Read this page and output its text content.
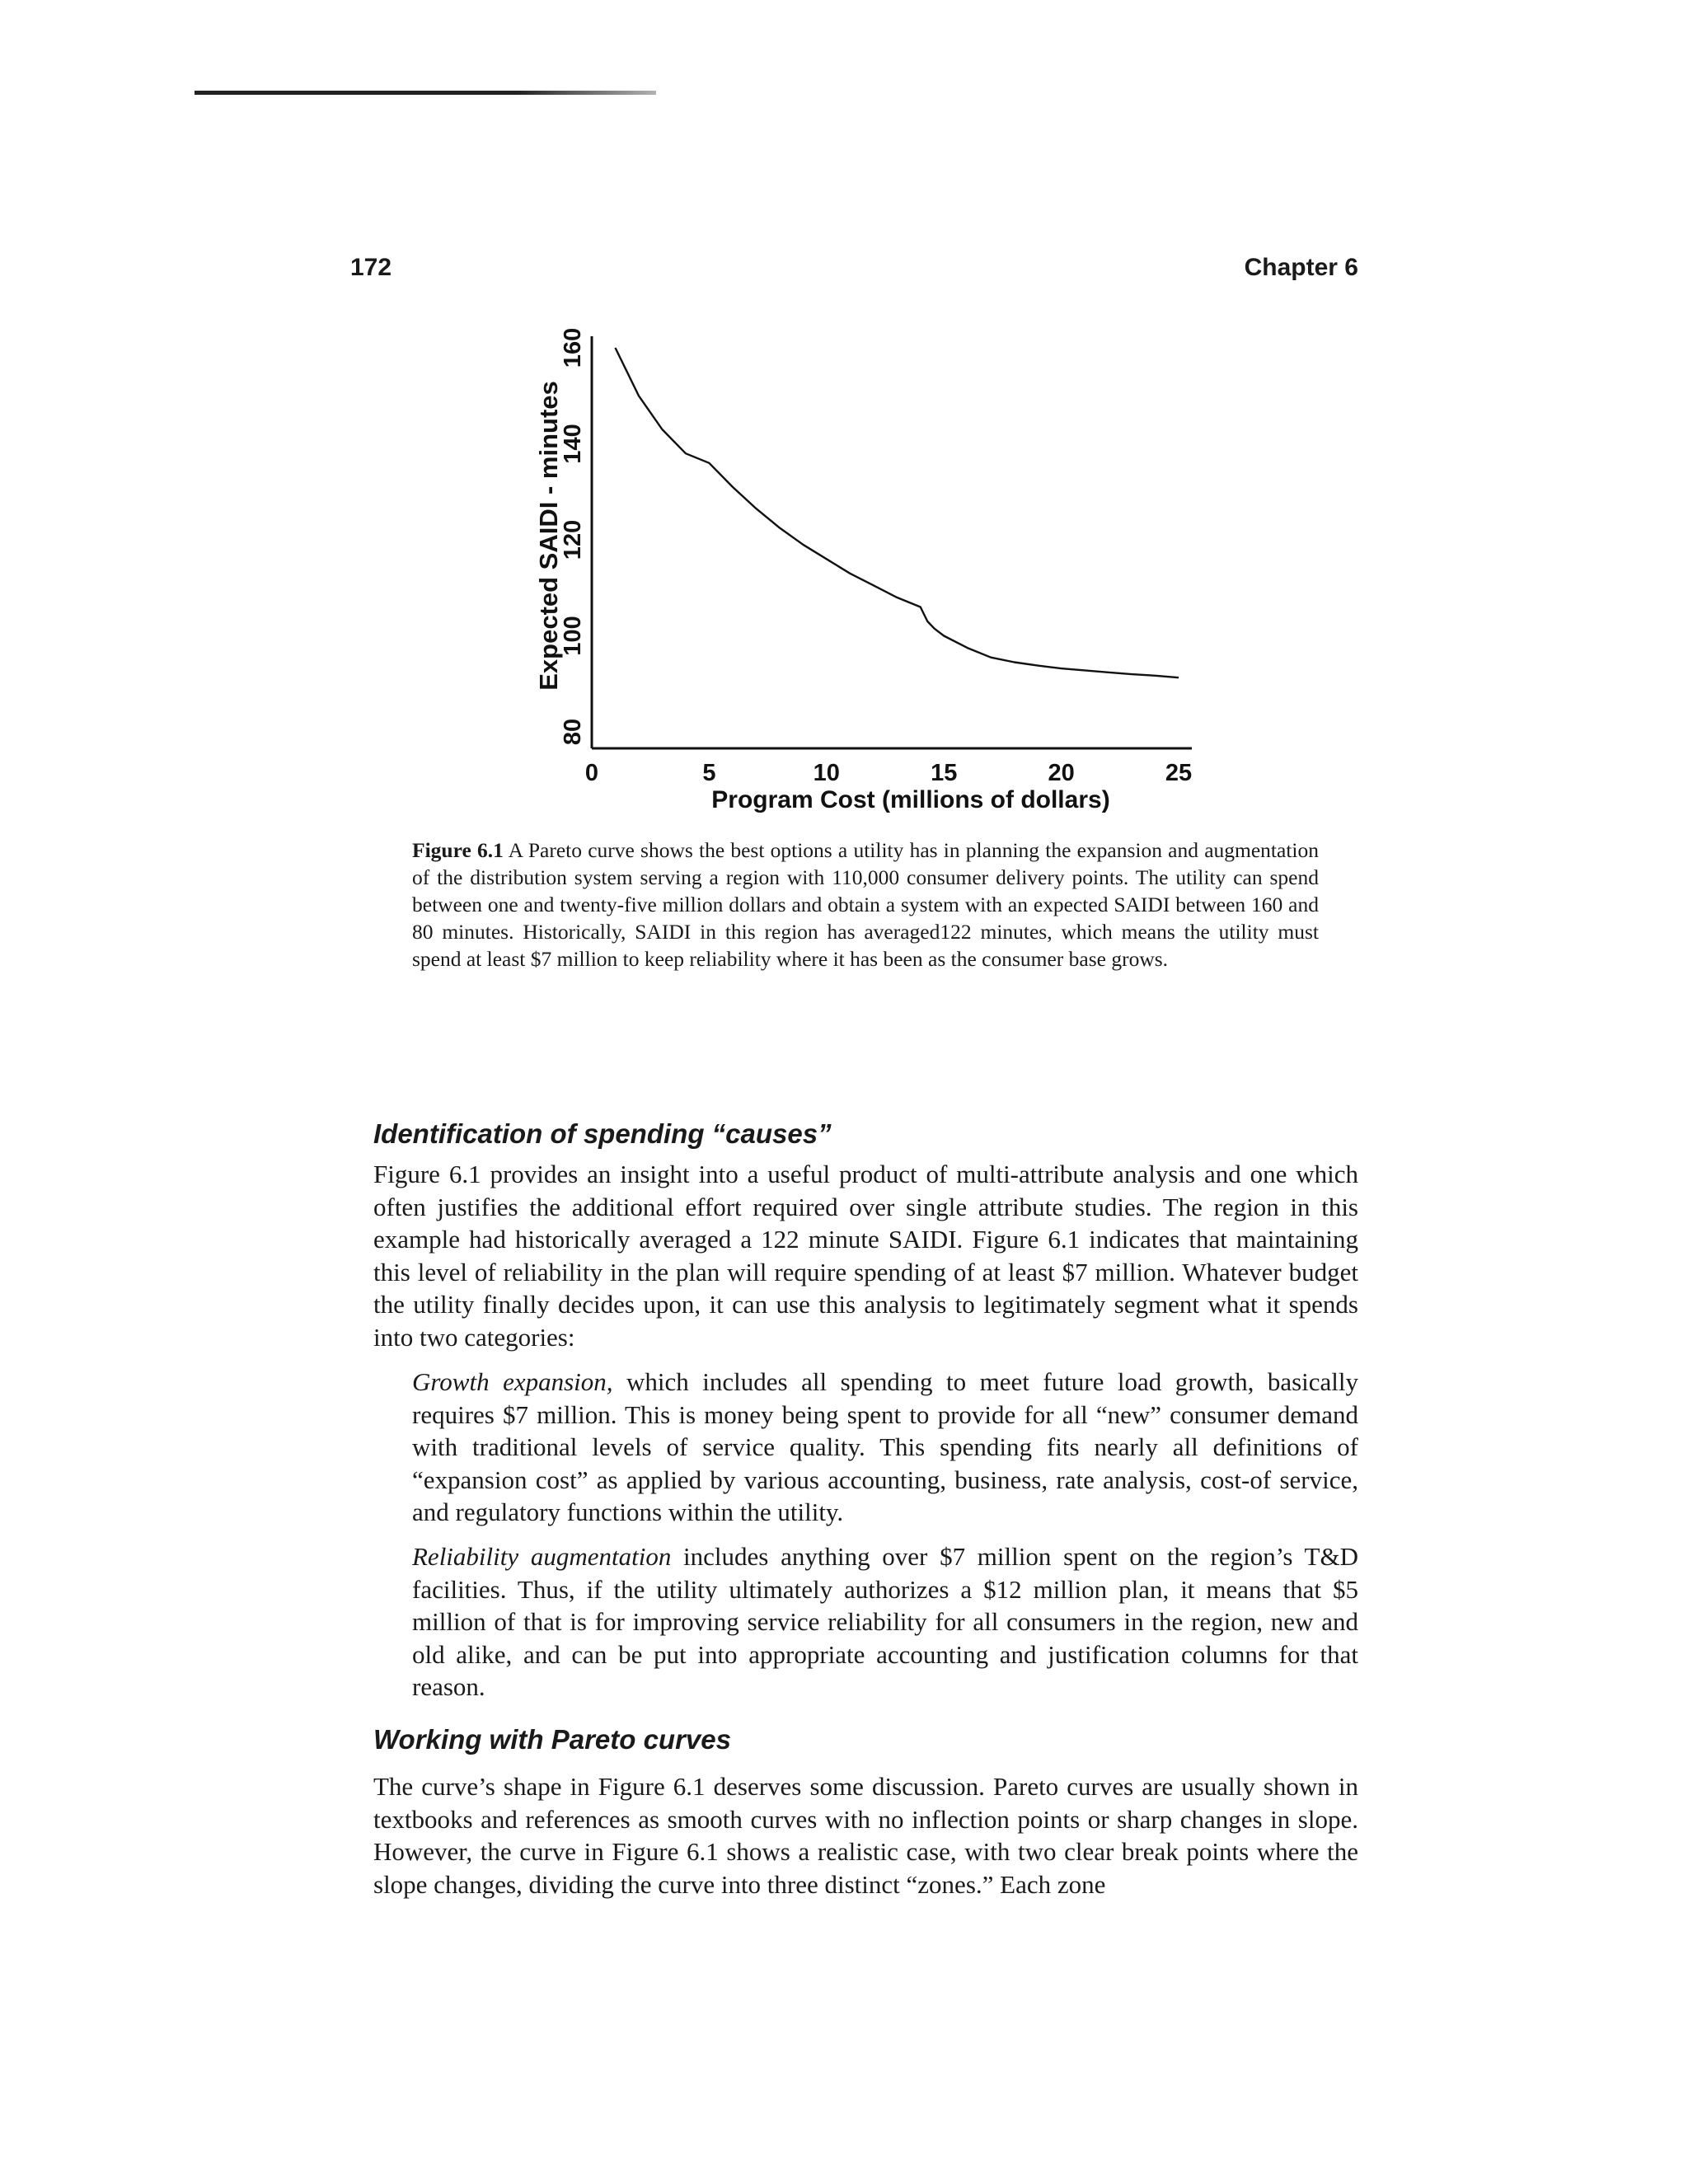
172	Chapter 6
0	5	10	15	20	25
80
100
120
140
160
Program Cost (millions of dollars)
Expected SAIDI - minutes
Figure 6.1 A Pareto curve shows the best options a utility has in planning the expansion and augmentation of the distribution system serving a region with 110,000 consumer delivery points. The utility can spend between one and twenty-five million dollars and obtain a system with an expected SAIDI between 160 and 80 minutes. Historically, SAIDI in this region has averaged122 minutes, which means the utility must spend at least $7 million to keep reliability where it has been as the consumer base grows.
Identification of spending “causes”

Figure 6.1 provides an insight into a useful product of multi-attribute analysis and one which often justifies the additional effort required over single attribute studies. The region in this example had historically averaged a 122 minute SAIDI. Figure 6.1 indicates that maintaining this level of reliability in the plan will require spending of at least $7 million. Whatever budget the utility finally decides upon, it can use this analysis to legitimately segment what it spends into two categories:

Growth expansion, which includes all spending to meet future load growth, basically requires $7 million. This is money being spent to provide for all “new” consumer demand with traditional levels of service quality. This spending fits nearly all definitions of “expansion cost” as applied by various accounting, business, rate analysis, cost-of service, and regulatory functions within the utility.

Reliability augmentation includes anything over $7 million spent on the region’s T&D facilities. Thus, if the utility ultimately authorizes a $12 million plan, it means that $5 million of that is for improving service reliability for all consumers in the region, new and old alike, and can be put into appropriate accounting and justification columns for that reason.

Working with Pareto curves

The curve’s shape in Figure 6.1 deserves some discussion. Pareto curves are usually shown in textbooks and references as smooth curves with no inflection points or sharp changes in slope. However, the curve in Figure 6.1 shows a realistic case, with two clear break points where the slope changes, dividing the curve into three distinct “zones.” Each zone
